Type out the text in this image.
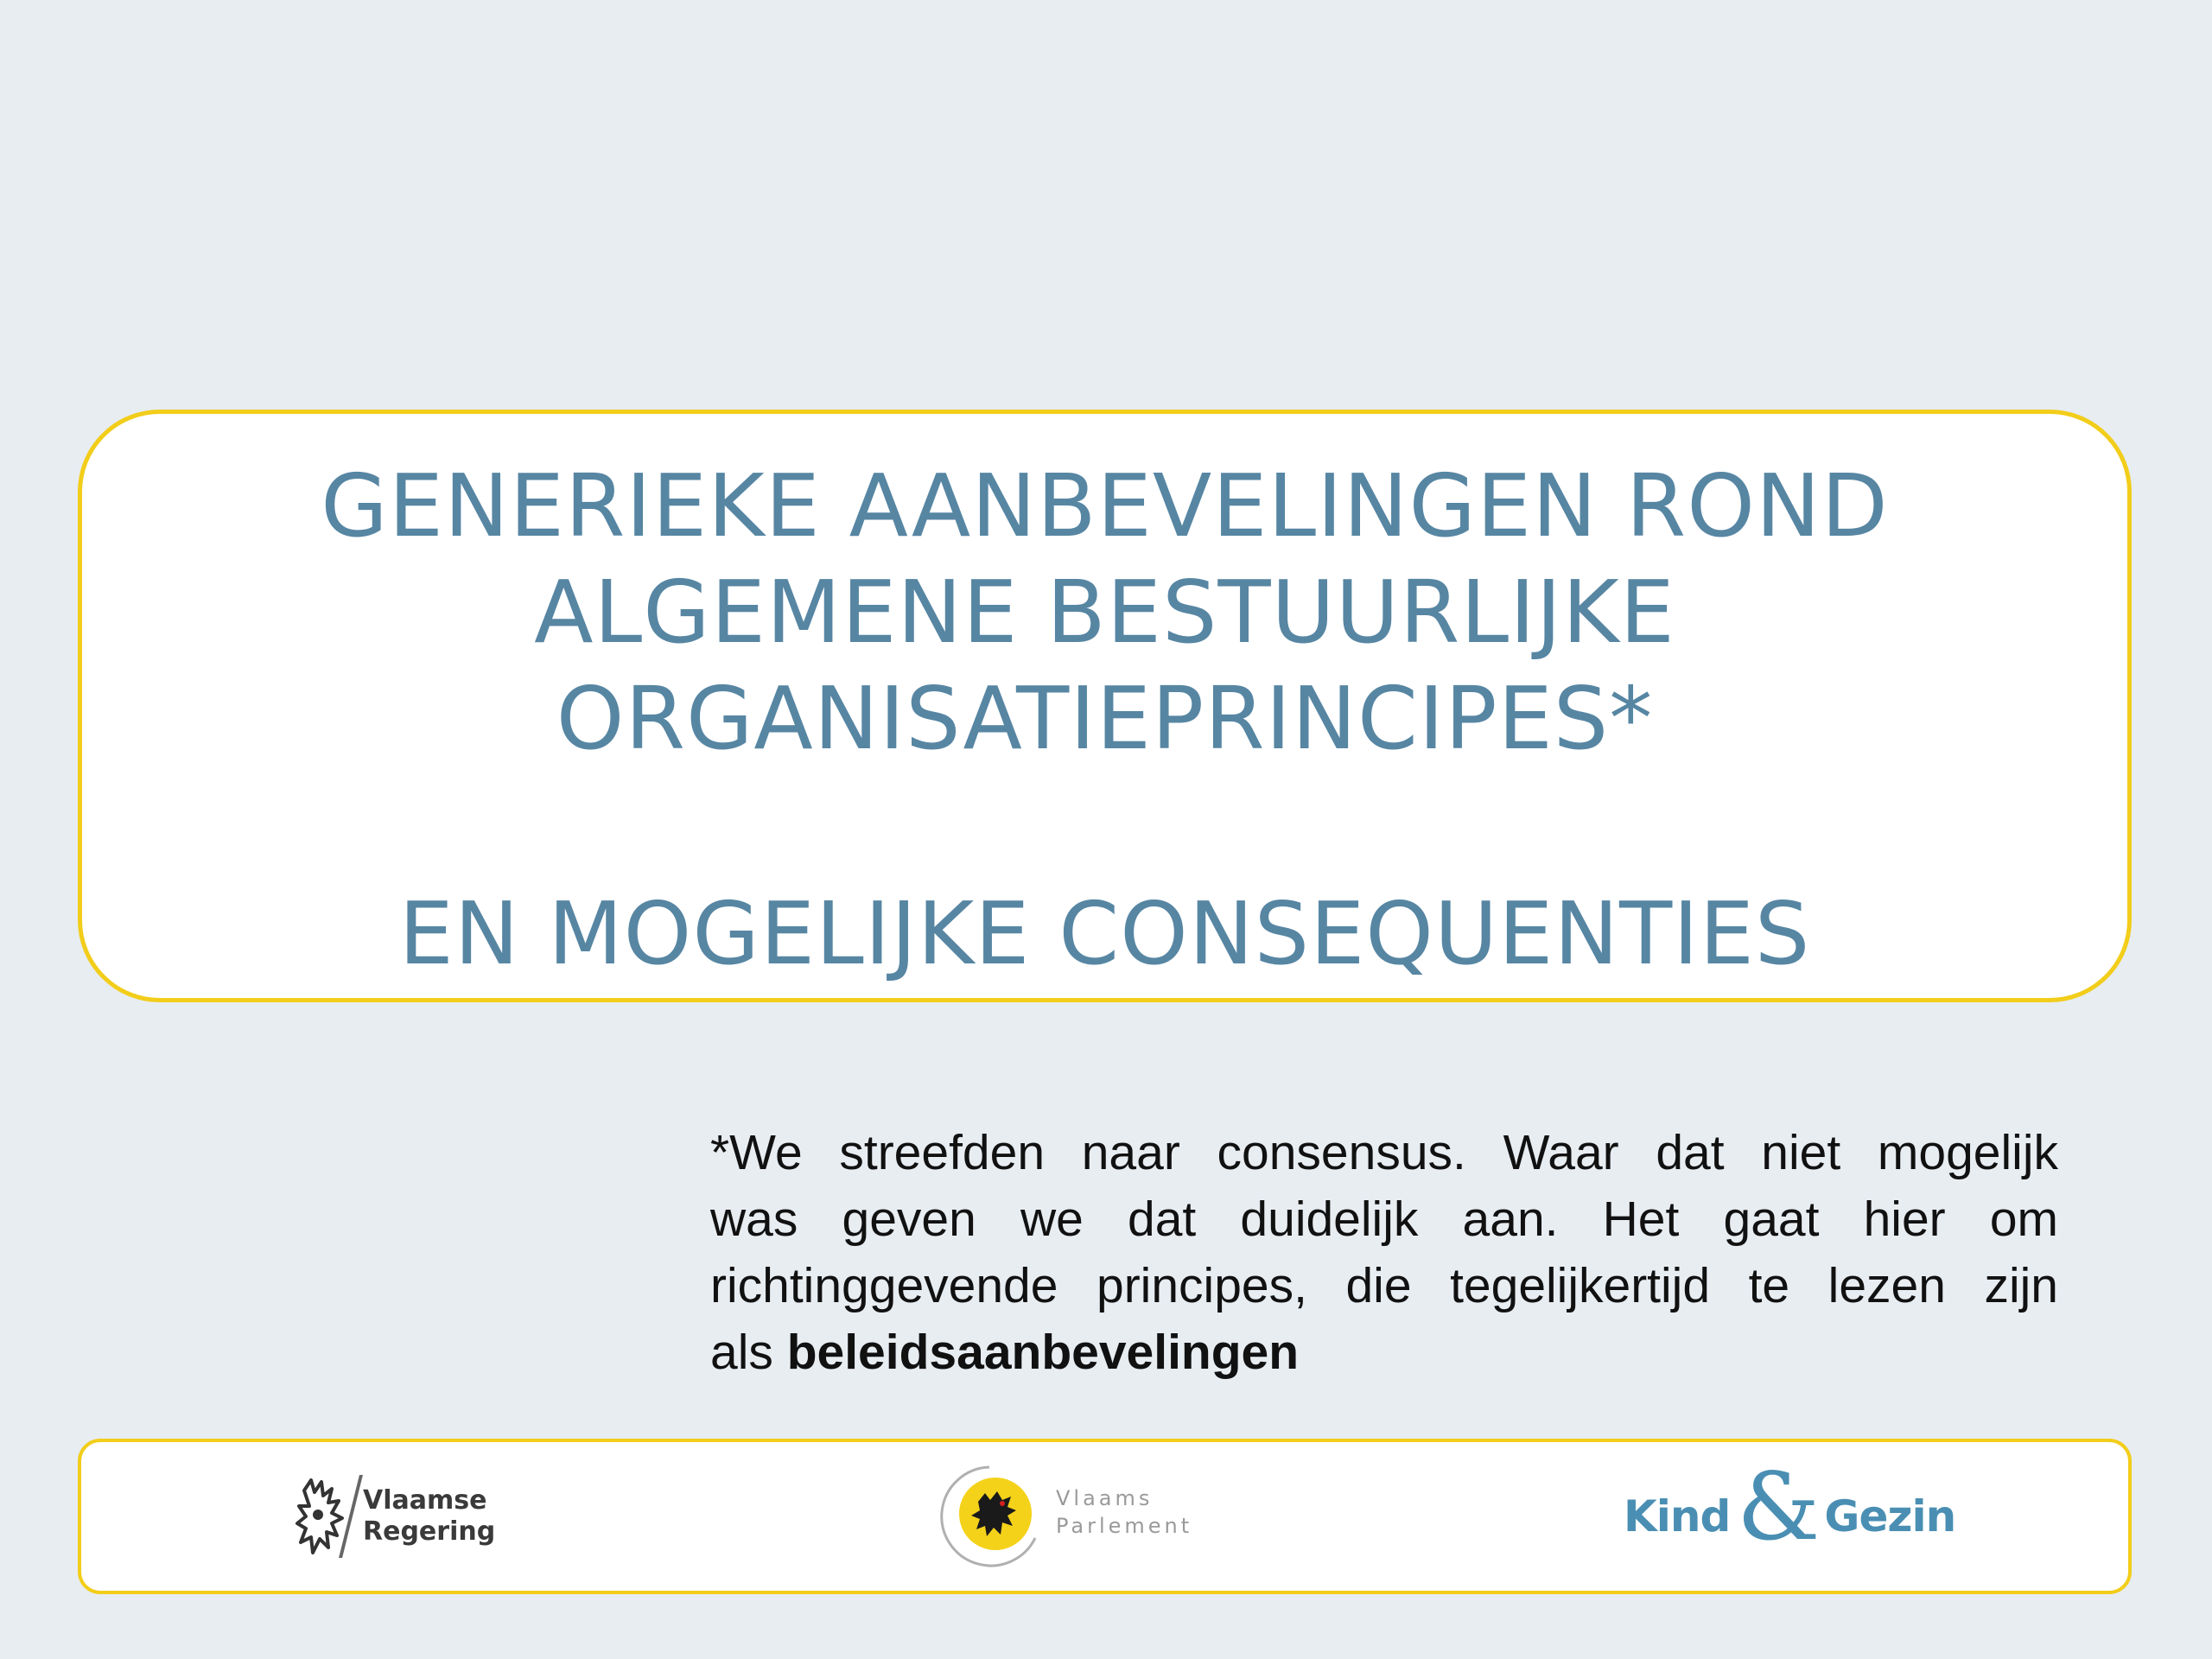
GENERIEKE AANBEVELINGEN ROND
ALGEMENE BESTUURLIJKE
ORGANISATIEPRINCIPES*
EN MOGELIJKE CONSEQUENTIES
*We streefden naar consensus. Waar dat niet mogelijk
was geven we dat duidelijk aan. Het gaat hier om
richtinggevende principes, die tegelijkertijd te lezen zijn
als beleidsaanbevelingen
Vlaamse
Regering
Vlaams
Parlement	Kind & Gezin
